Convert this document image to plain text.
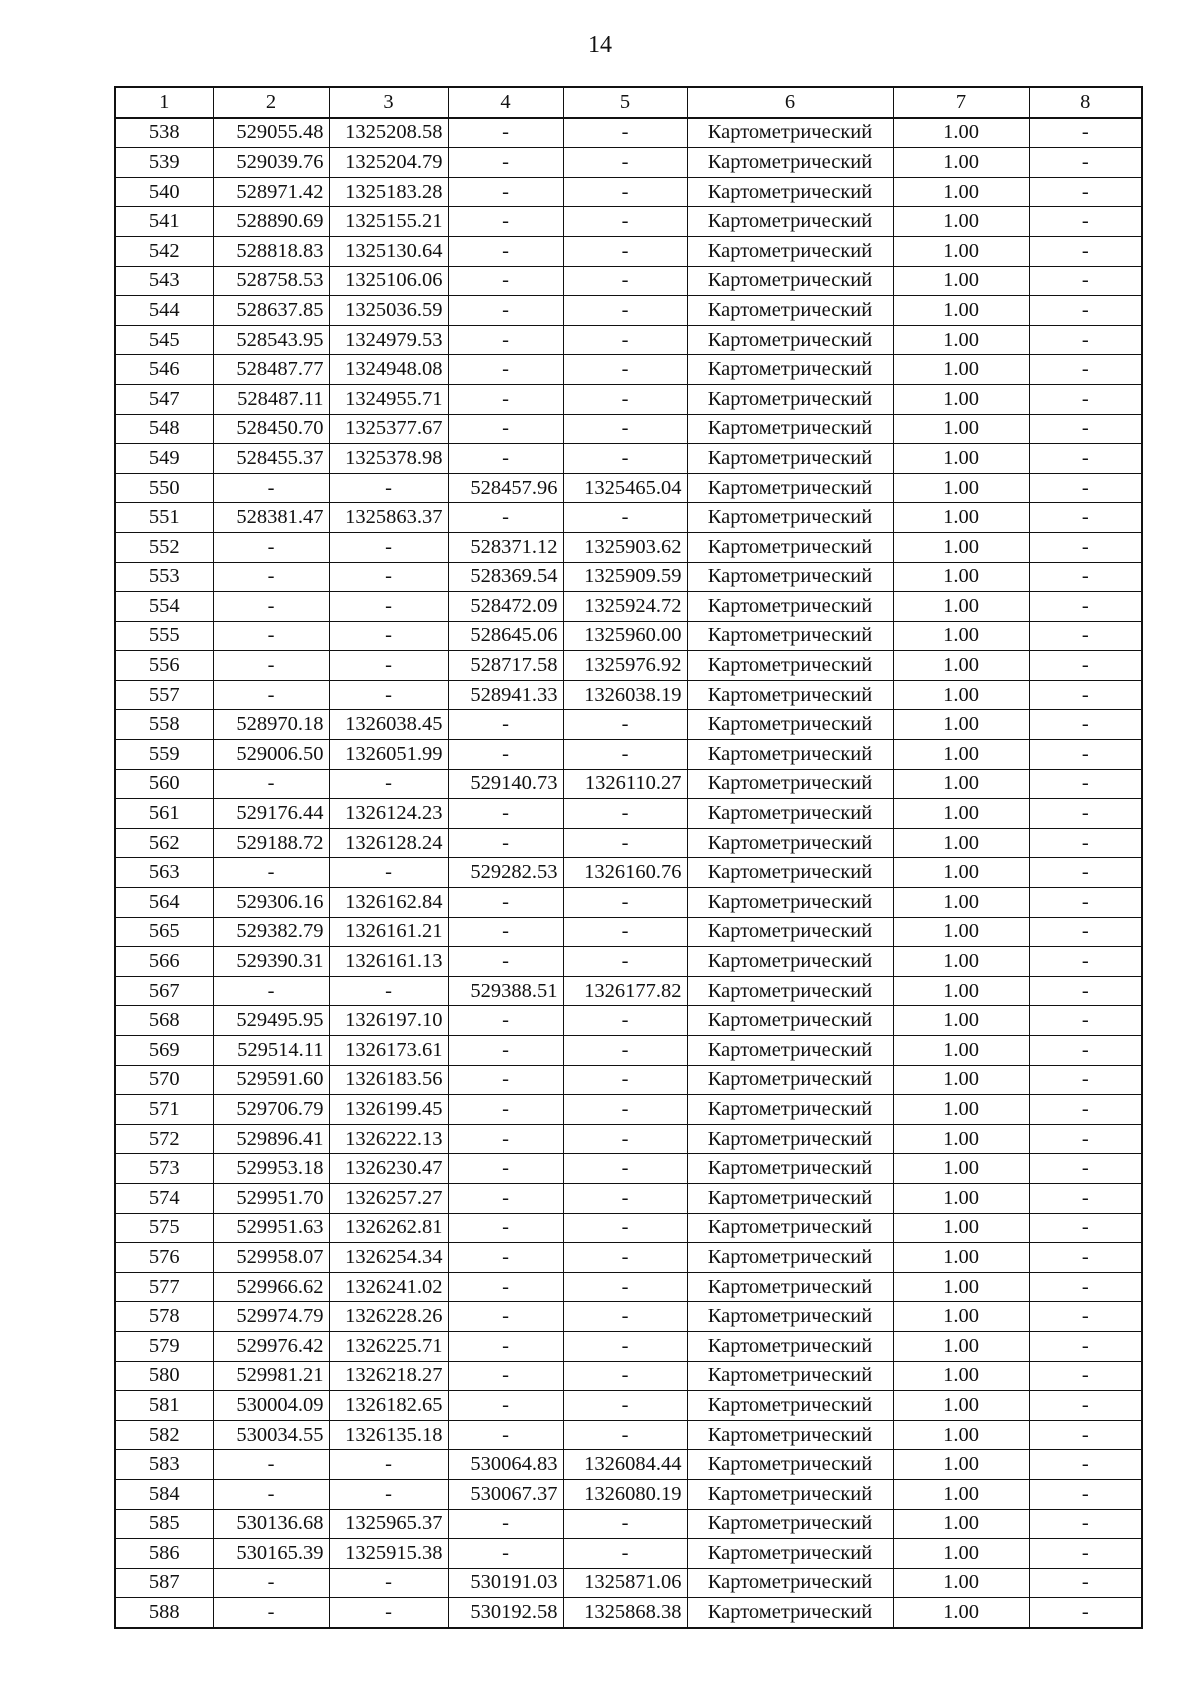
14
1	2	3	4	5	6	7	8
538	529055.48	1325208.58	-	-	Картометрический	1.00	-
539	529039.76	1325204.79	-	-	Картометрический	1.00	-
540	528971.42	1325183.28	-	-	Картометрический	1.00	-
541	528890.69	1325155.21	-	-	Картометрический	1.00	-
542	528818.83	1325130.64	-	-	Картометрический	1.00	-
543	528758.53	1325106.06	-	-	Картометрический	1.00	-
544	528637.85	1325036.59	-	-	Картометрический	1.00	-
545	528543.95	1324979.53	-	-	Картометрический	1.00	-
546	528487.77	1324948.08	-	-	Картометрический	1.00	-
547	528487.11	1324955.71	-	-	Картометрический	1.00	-
548	528450.70	1325377.67	-	-	Картометрический	1.00	-
549	528455.37	1325378.98	-	-	Картометрический	1.00	-
550	-	-	528457.96	1325465.04	Картометрический	1.00	-
551	528381.47	1325863.37	-	-	Картометрический	1.00	-
552	-	-	528371.12	1325903.62	Картометрический	1.00	-
553	-	-	528369.54	1325909.59	Картометрический	1.00	-
554	-	-	528472.09	1325924.72	Картометрический	1.00	-
555	-	-	528645.06	1325960.00	Картометрический	1.00	-
556	-	-	528717.58	1325976.92	Картометрический	1.00	-
557	-	-	528941.33	1326038.19	Картометрический	1.00	-
558	528970.18	1326038.45	-	-	Картометрический	1.00	-
559	529006.50	1326051.99	-	-	Картометрический	1.00	-
560	-	-	529140.73	1326110.27	Картометрический	1.00	-
561	529176.44	1326124.23	-	-	Картометрический	1.00	-
562	529188.72	1326128.24	-	-	Картометрический	1.00	-
563	-	-	529282.53	1326160.76	Картометрический	1.00	-
564	529306.16	1326162.84	-	-	Картометрический	1.00	-
565	529382.79	1326161.21	-	-	Картометрический	1.00	-
566	529390.31	1326161.13	-	-	Картометрический	1.00	-
567	-	-	529388.51	1326177.82	Картометрический	1.00	-
568	529495.95	1326197.10	-	-	Картометрический	1.00	-
569	529514.11	1326173.61	-	-	Картометрический	1.00	-
570	529591.60	1326183.56	-	-	Картометрический	1.00	-
571	529706.79	1326199.45	-	-	Картометрический	1.00	-
572	529896.41	1326222.13	-	-	Картометрический	1.00	-
573	529953.18	1326230.47	-	-	Картометрический	1.00	-
574	529951.70	1326257.27	-	-	Картометрический	1.00	-
575	529951.63	1326262.81	-	-	Картометрический	1.00	-
576	529958.07	1326254.34	-	-	Картометрический	1.00	-
577	529966.62	1326241.02	-	-	Картометрический	1.00	-
578	529974.79	1326228.26	-	-	Картометрический	1.00	-
579	529976.42	1326225.71	-	-	Картометрический	1.00	-
580	529981.21	1326218.27	-	-	Картометрический	1.00	-
581	530004.09	1326182.65	-	-	Картометрический	1.00	-
582	530034.55	1326135.18	-	-	Картометрический	1.00	-
583	-	-	530064.83	1326084.44	Картометрический	1.00	-
584	-	-	530067.37	1326080.19	Картометрический	1.00	-
585	530136.68	1325965.37	-	-	Картометрический	1.00	-
586	530165.39	1325915.38	-	-	Картометрический	1.00	-
587	-	-	530191.03	1325871.06	Картометрический	1.00	-
588	-	-	530192.58	1325868.38	Картометрический	1.00	-
